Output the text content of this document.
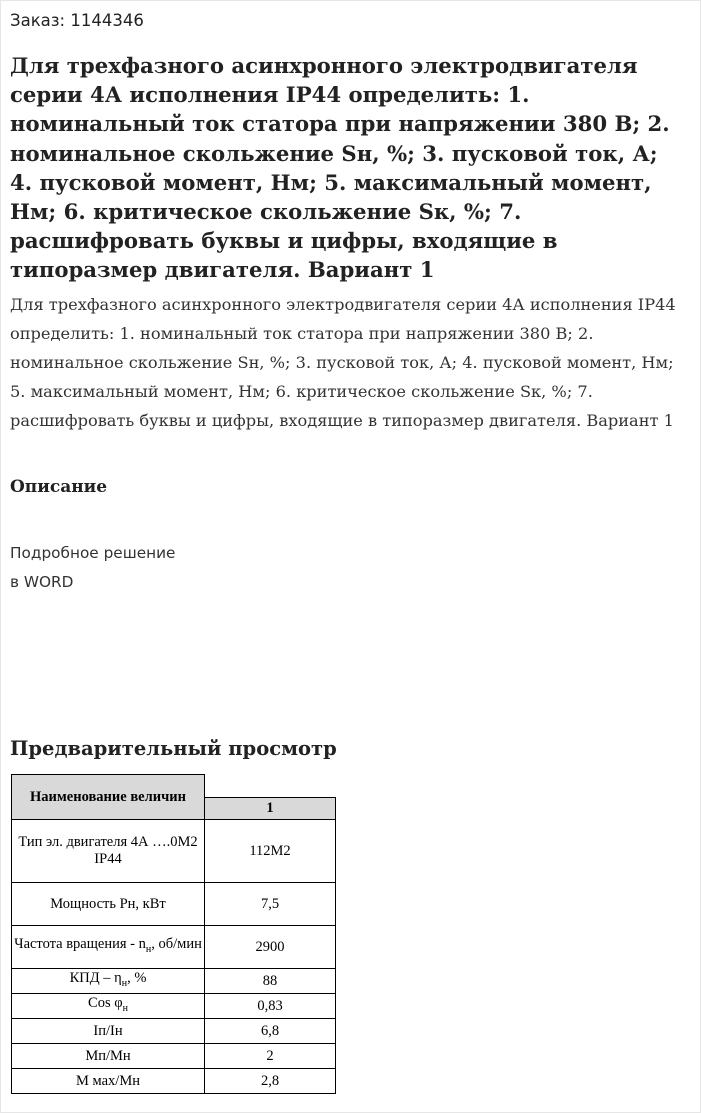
Заказ: 1144346

Для трехфазного асинхронного электродвигателя серии 4А исполнения IP44 определить: 1. номинальный ток статора при напряжении 380 В; 2. номинальное скольжение Sн, %; 3. пусковой ток, А; 4. пусковой момент, Нм; 5. максимальный момент, Нм; 6. критическое скольжение Sк, %; 7. расшифровать буквы и цифры, входящие в типоразмер двигателя. Вариант 1

Для трехфазного асинхронного электродвигателя серии 4А исполнения IP44 определить: 1. номинальный ток статора при напряжении 380 В; 2. номинальное скольжение Sн, %; 3. пусковой ток, А; 4. пусковой момент, Нм; 5. максимальный момент, Нм; 6. критическое скольжение Sк, %; 7. расшифровать буквы и цифры, входящие в типоразмер двигателя. Вариант 1

Описание
Подробное решение
в WORD
Предварительный просмотр
Наименование величин	
	1
Тип эл. двигателя 4А ….0М2 IP44	112М2
Мощность Рн, кВт	7,5
Частота вращения - $n_н$, об/мин	2900
КПД – $\eta_н$, %	88
Cos $\varphi_н$	0,83
Iп/Iн	6,8
Мп/Мн	2
М мах/Мн	2,8
